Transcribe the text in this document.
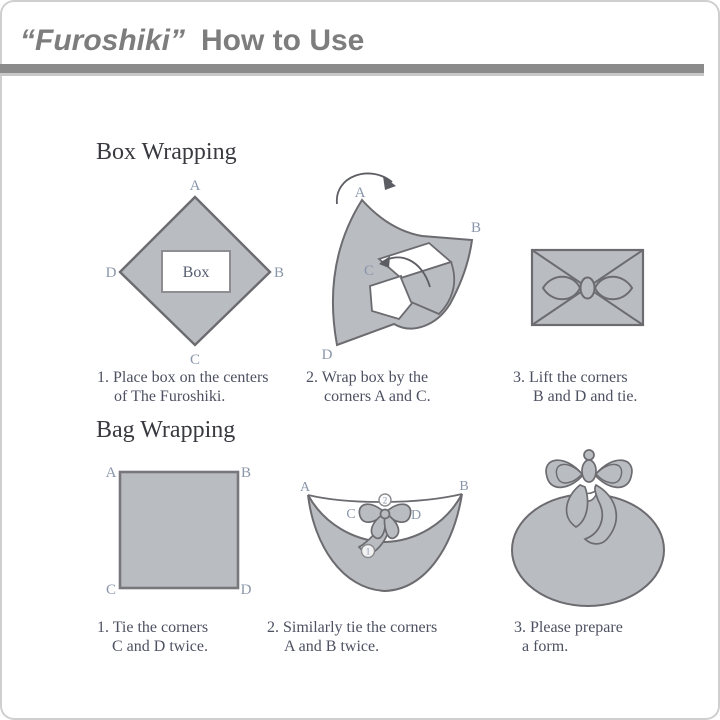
“Furoshiki” How to Use
Box Wrapping
Box
A
B
C
D
A
B
C
D
1. Place box on the centers
of The Furoshiki.
2. Wrap box by the
corners A and C.
3. Lift the corners
B and D and tie.
Bag Wrapping
A	B
C	D
2
1
A	B
C	D
1. Tie the corners
C and D twice.
2. Similarly tie the corners
A and B twice.
3. Please prepare
a form.
